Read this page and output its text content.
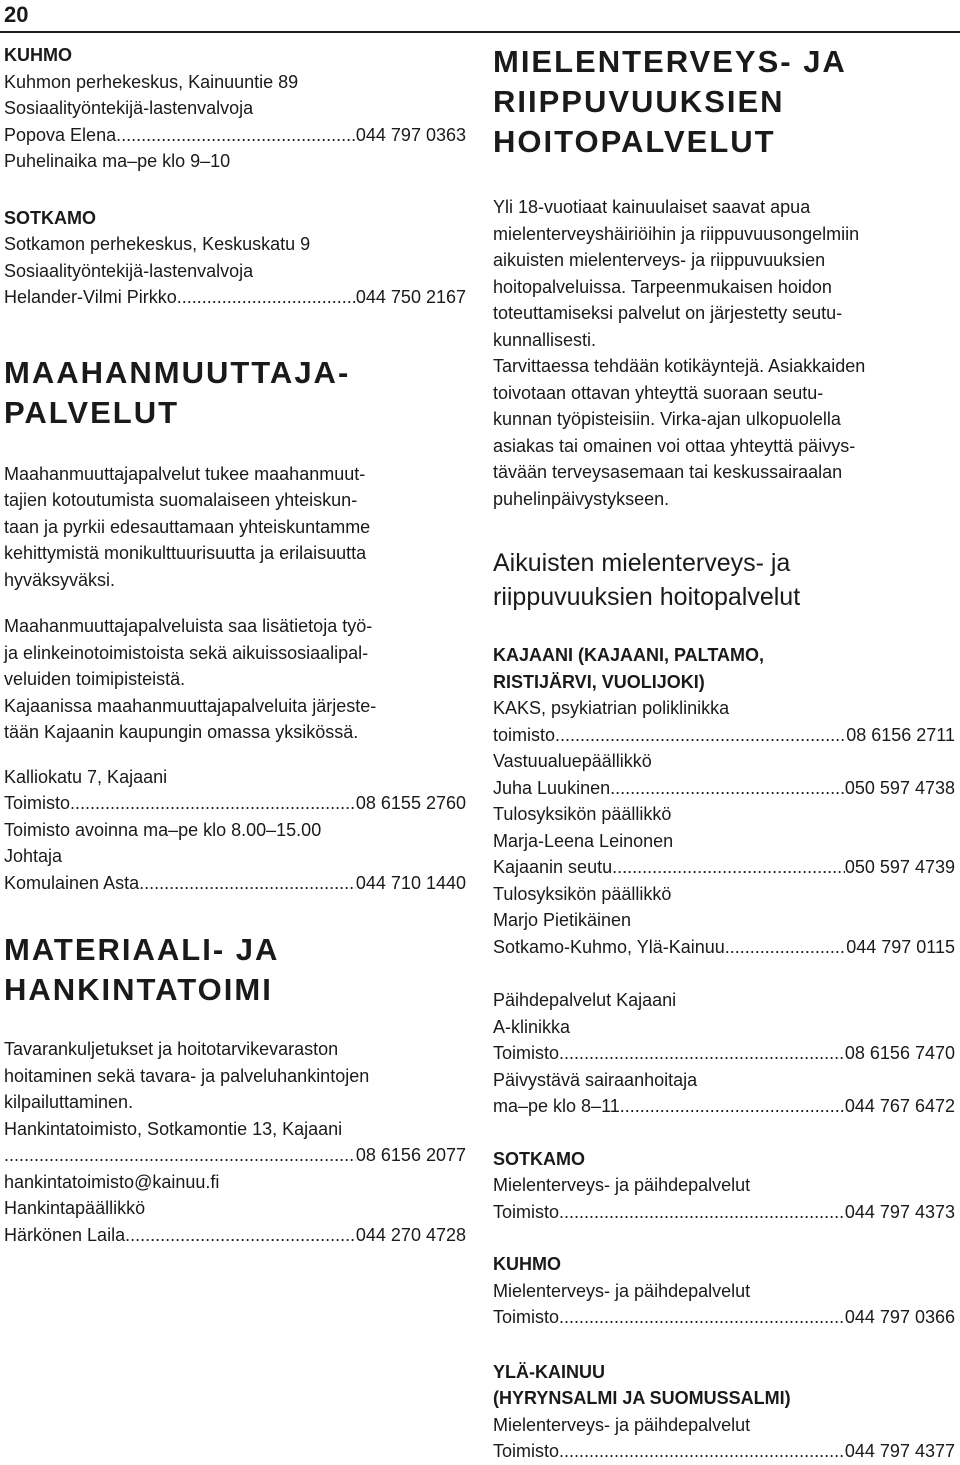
20
KUHMO
Kuhmon perhekeskus, Kainuuntie 89
Sosiaalityöntekijä-lastenvalvoja
Popova Elena .....	044 797 0363
Puhelinaika ma–pe klo 9–10
SOTKAMO
Sotkamon perhekeskus, Keskuskatu 9
Sosiaalityöntekijä-lastenvalvoja
Helander-Vilmi Pirkko .....	044 750 2167
MAAHANMUUTTAJA-
PALVELUT
Maahanmuuttajapalvelut tukee maahanmuut-
tajien kotoutumista suomalaiseen yhteiskun-
taan ja pyrkii edesauttamaan yhteiskuntamme
kehittymistä monikulttuurisuutta ja erilaisuutta
hyväksyväksi.
Maahanmuuttajapalveluista saa lisätietoja työ-
ja elinkeinotoimistoista sekä aikuissosiaalipal-
veluiden toimipisteistä.
Kajaanissa maahanmuuttajapalveluita järjeste-
tään Kajaanin kaupungin omassa yksikössä.
Kalliokatu 7, Kajaani
Toimisto .....	08 6155 2760
Toimisto avoinna ma–pe klo 8.00–15.00
Johtaja
Komulainen Asta .....	044 710 1440
MATERIAALI- JA
HANKINTATOIMI
Tavarankuljetukset ja hoitotarvikevaraston
hoitaminen sekä tavara- ja palveluhankintojen
kilpailuttaminen.
Hankintatoimisto, Sotkamontie 13, Kajaani
.....
08 6156 2077
hankintatoimisto@kainuu.fi
Hankintapäällikkö
Härkönen Laila .....	044 270 4728
MIELENTERVEYS- JA
RIIPPUVUUKSIEN
HOITOPALVELUT
Yli 18-vuotiaat kainuulaiset saavat apua
mielenterveyshäiriöihin ja riippuvuusongelmiin
aikuisten mielenterveys- ja riippuvuuksien
hoitopalveluissa. Tarpeenmukaisen hoidon
toteuttamiseksi palvelut on järjestetty seutu-
kunnallisesti.
Tarvittaessa tehdään kotikäyntejä. Asiakkaiden
toivotaan ottavan yhteyttä suoraan seutu-
kunnan työpisteisiin. Virka-ajan ulkopuolella
asiakas tai omainen voi ottaa yhteyttä päivys-
tävään terveysasemaan tai keskussairaalan
puhelinpäivystykseen.
Aikuisten mielenterveys- ja
riippuvuuksien hoitopalvelut
KAJAANI (KAJAANI, PALTAMO,
RISTIJÄRVI, VUOLIJOKI)
KAKS, psykiatrian poliklinikka
toimisto .....	08 6156 2711
Vastuualuepäällikkö
Juha Luukinen .....	050 597 4738
Tulosyksikön päällikkö
Marja-Leena Leinonen
Kajaanin seutu .....	050 597 4739
Tulosyksikön päällikkö
Marjo Pietikäinen
Sotkamo-Kuhmo, Ylä-Kainuu .....	044 797 0115
Päihdepalvelut Kajaani
A-klinikka
Toimisto .....	08 6156 7470
Päivystävä sairaanhoitaja
ma–pe klo 8–11 .....	044 767 6472
SOTKAMO
Mielenterveys- ja päihdepalvelut
Toimisto .....	044 797 4373
KUHMO
Mielenterveys- ja päihdepalvelut
Toimisto .....	044 797 0366
YLÄ-KAINUU
(HYRYNSALMI JA SUOMUSSALMI)
Mielenterveys- ja päihdepalvelut
Toimisto .....	044 797 4377
